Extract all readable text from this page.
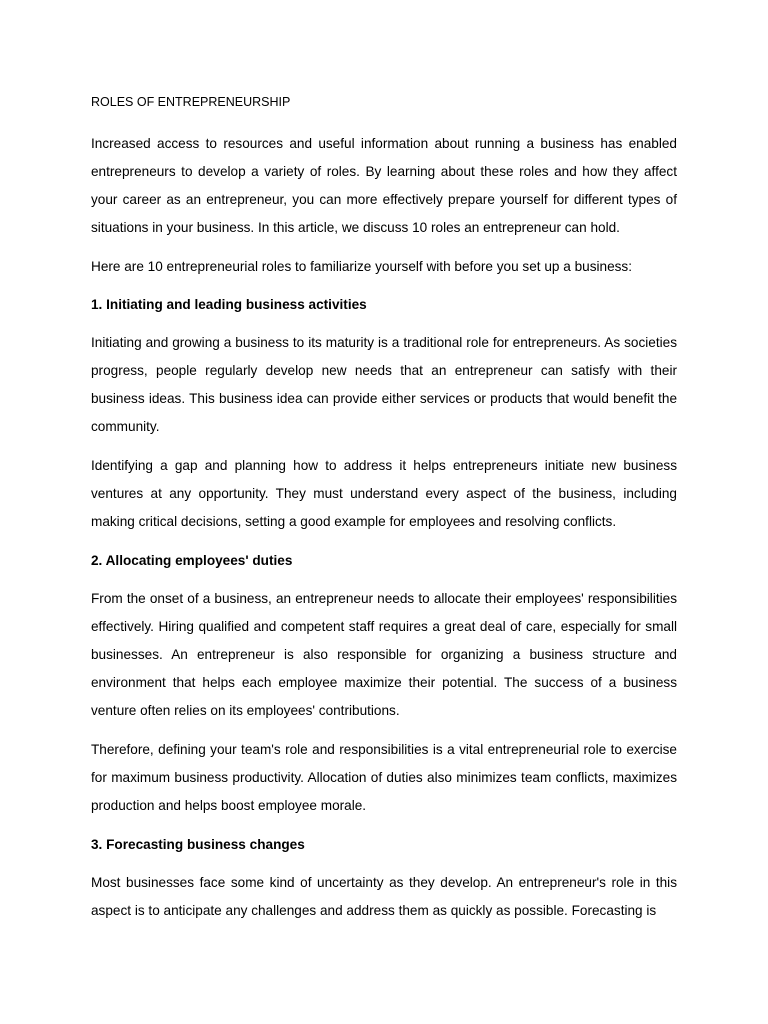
ROLES OF ENTREPRENEURSHIP

Increased access to resources and useful information about running a business has enabled entrepreneurs to develop a variety of roles. By learning about these roles and how they affect your career as an entrepreneur, you can more effectively prepare yourself for different types of situations in your business. In this article, we discuss 10 roles an entrepreneur can hold.

Here are 10 entrepreneurial roles to familiarize yourself with before you set up a business:

1. Initiating and leading business activities

Initiating and growing a business to its maturity is a traditional role for entrepreneurs. As societies progress, people regularly develop new needs that an entrepreneur can satisfy with their business ideas. This business idea can provide either services or products that would benefit the community.

Identifying a gap and planning how to address it helps entrepreneurs initiate new business ventures at any opportunity. They must understand every aspect of the business, including making critical decisions, setting a good example for employees and resolving conflicts.

2. Allocating employees' duties

From the onset of a business, an entrepreneur needs to allocate their employees' responsibilities effectively. Hiring qualified and competent staff requires a great deal of care, especially for small businesses. An entrepreneur is also responsible for organizing a business structure and environment that helps each employee maximize their potential. The success of a business venture often relies on its employees' contributions.

Therefore, defining your team's role and responsibilities is a vital entrepreneurial role to exercise for maximum business productivity. Allocation of duties also minimizes team conflicts, maximizes production and helps boost employee morale.

3. Forecasting business changes

Most businesses face some kind of uncertainty as they develop. An entrepreneur's role in this aspect is to anticipate any challenges and address them as quickly as possible. Forecasting is
